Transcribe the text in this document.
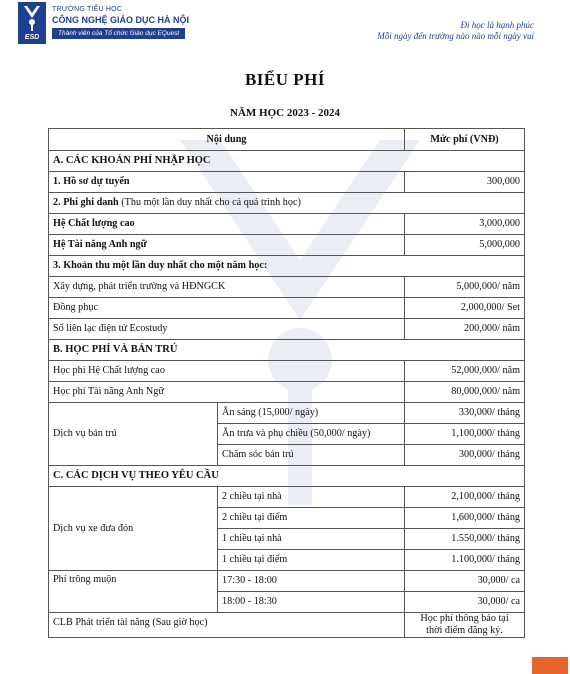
ESD
TRƯỜNG TIỂU HỌC
CÔNG NGHỆ GIÁO DỤC HÀ NỘI
Thành viên của Tổ chức Giáo dục EQuest
Đi học là hạnh phúc
Mỗi ngày đến trường nào nào mỗi ngày vui
BIỂU PHÍ
NĂM HỌC 2023 - 2024
Nội dung		Mức phí (VNĐ)
A. CÁC KHOẢN PHÍ NHẬP HỌC		
1. Hồ sơ dự tuyển		300,000
2. Phí ghi danh (Thu một lần duy nhất cho cả quá trình học)		
Hệ Chất lượng cao		3,000,000
Hệ Tài năng Anh ngữ		5,000,000
3. Khoản thu một lần duy nhất cho một năm học:		
Xây dựng, phát triển trường và HĐNGCK		5,000,000/ năm
Đồng phục		2,000,000/ Set
Sổ liên lạc điện tử Ecostudy		200,000/ năm
B. HỌC PHÍ VÀ BÁN TRÚ		
Học phí Hệ Chất lượng cao		52,000,000/ năm
Học phí Tài năng Anh Ngữ		80,000,000/ năm
Dịch vụ bán trú	Ăn sáng (15,000/ ngày)	330,000/ tháng
	Ăn trưa và phụ chiều (50,000/ ngày)	1,100,000/ tháng
	Chăm sóc bán trú	300,000/ tháng
C. CÁC DỊCH VỤ THEO YÊU CẦU		
Dịch vụ xe đưa đón	2 chiều tại nhà	2,100,000/ tháng
	2 chiều tại điểm	1,600,000/ tháng
	1 chiều tại nhà	1.550,000/ tháng
	1 chiều tại điểm	1.100,000/ tháng
Phí trông muộn	17:30 - 18:00	30,000/ ca
	18:00 - 18:30	30,000/ ca
CLB Phát triển tài năng (Sau giờ học)		Học phí thông báo tại
thời điểm đăng ký.
